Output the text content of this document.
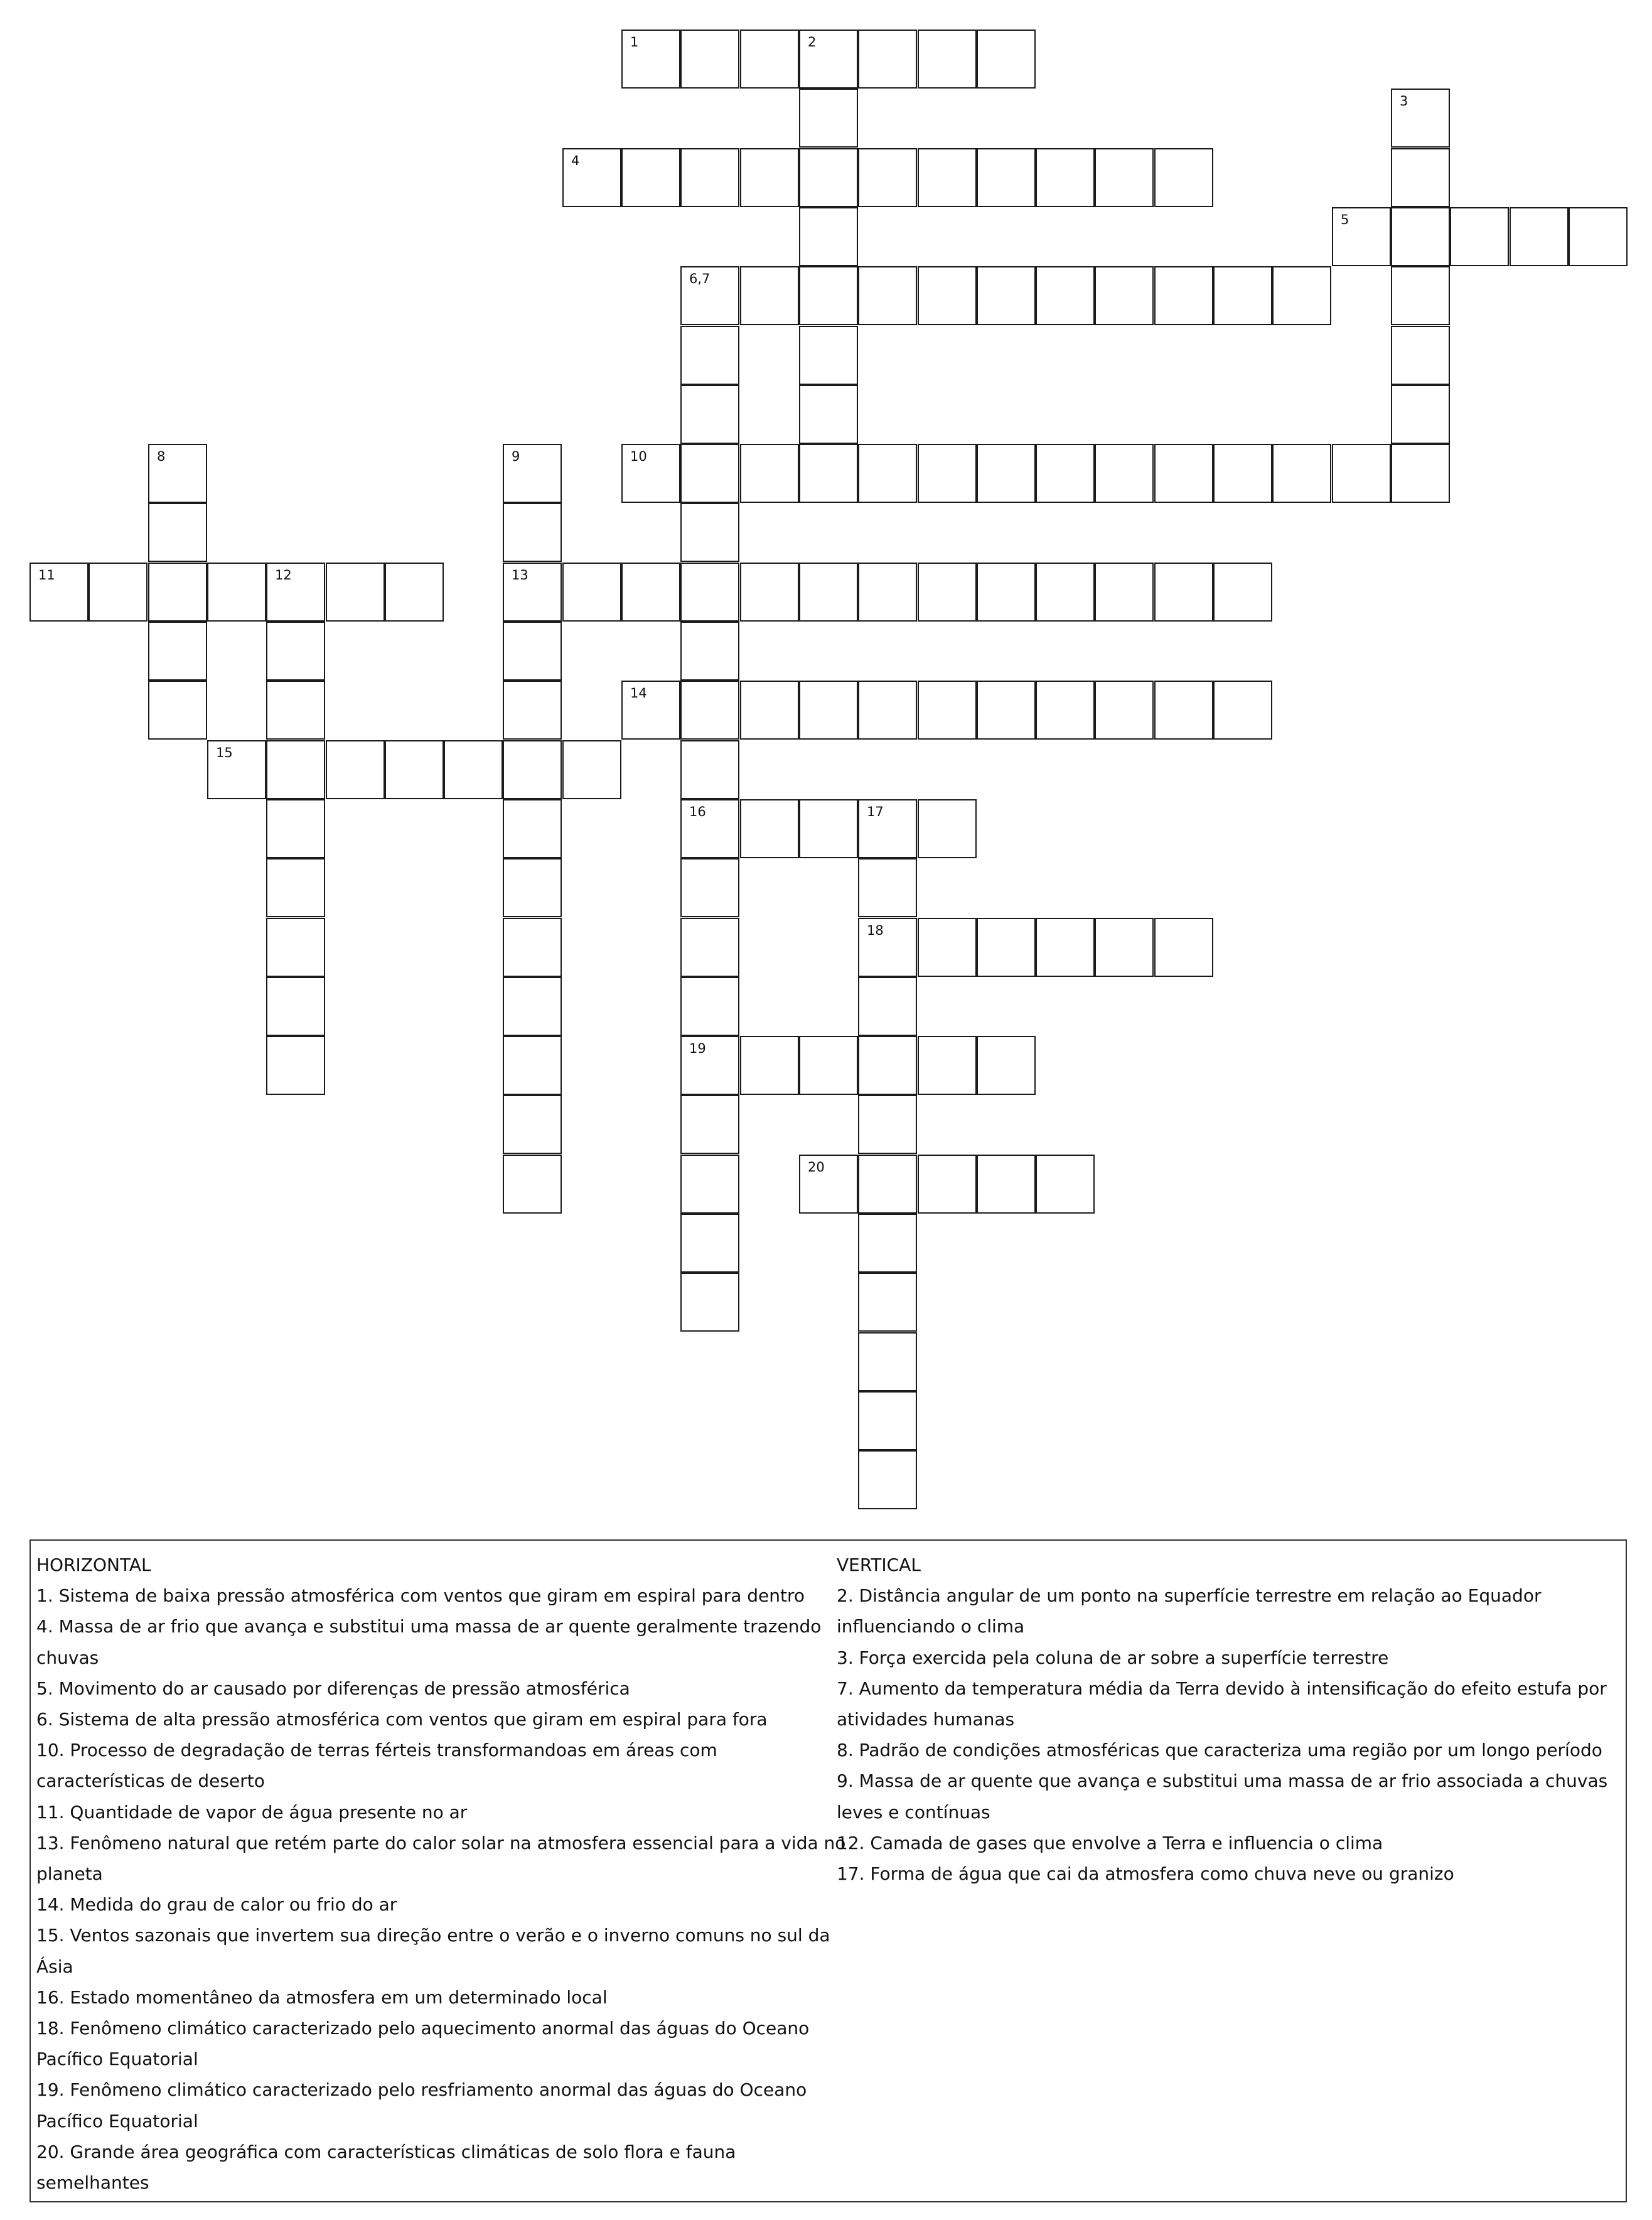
1	2
3
4
5
6,7
16
19
8	9
13
10
11	12
14
15
17
18
20
HORIZONTAL
1. Sistema de baixa pressão atmosférica com ventos que giram em espiral para dentro
4. Massa de ar frio que avança e substitui uma massa de ar quente geralmente trazendo chuvas
5. Movimento do ar causado por diferenças de pressão atmosférica
6. Sistema de alta pressão atmosférica com ventos que giram em espiral para fora
10. Processo de degradação de terras férteis transformandoas em áreas com características de deserto
11. Quantidade de vapor de água presente no ar
13. Fenômeno natural que retém parte do calor solar na atmosfera essencial para a vida no planeta
14. Medida do grau de calor ou frio do ar
15. Ventos sazonais que invertem sua direção entre o verão e o inverno comuns no sul da Ásia
16. Estado momentâneo da atmosfera em um determinado local
18. Fenômeno climático caracterizado pelo aquecimento anormal das águas do Oceano Pacífico Equatorial
19. Fenômeno climático caracterizado pelo resfriamento anormal das águas do Oceano Pacífico Equatorial
20. Grande área geográfica com características climáticas de solo flora e fauna semelhantes
VERTICAL
2. Distância angular de um ponto na superfície terrestre em relação ao Equador influenciando o clima
3. Força exercida pela coluna de ar sobre a superfície terrestre
7. Aumento da temperatura média da Terra devido à intensificação do efeito estufa por atividades humanas
8. Padrão de condições atmosféricas que caracteriza uma região por um longo período
9. Massa de ar quente que avança e substitui uma massa de ar frio associada a chuvas leves e contínuas
12. Camada de gases que envolve a Terra e influencia o clima
17. Forma de água que cai da atmosfera como chuva neve ou granizo
